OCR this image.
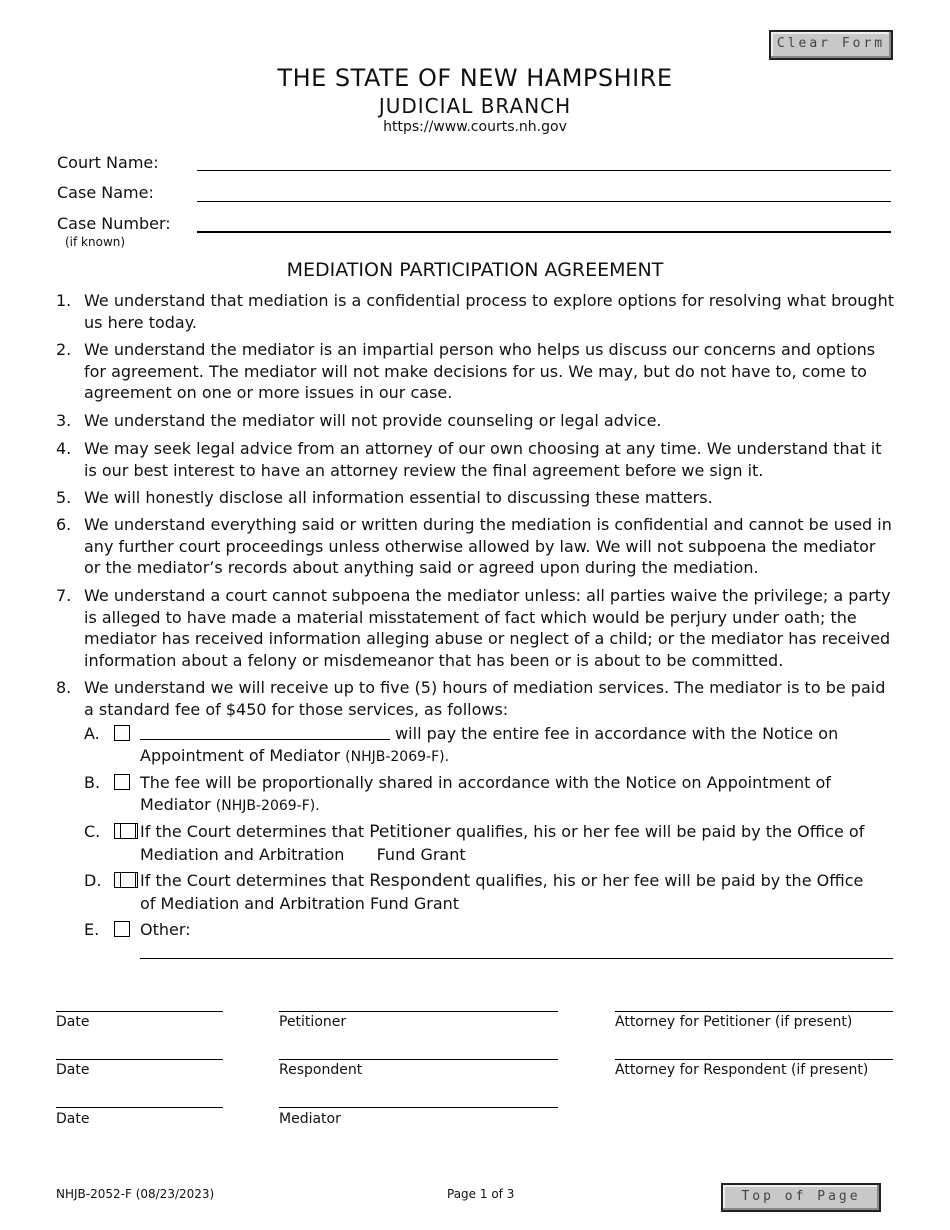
Clear Form
THE STATE OF NEW HAMPSHIRE
JUDICIAL BRANCH
https://www.courts.nh.gov
Court Name:
Case Name:
Case Number:
(if known)
MEDIATION PARTICIPATION AGREEMENT
1. We understand that mediation is a confidential process to explore options for resolving what brought us here today.
2. We understand the mediator is an impartial person who helps us discuss our concerns and options for agreement. The mediator will not make decisions for us. We may, but do not have to, come to agreement on one or more issues in our case.
3. We understand the mediator will not provide counseling or legal advice.
4. We may seek legal advice from an attorney of our own choosing at any time. We understand that it is our best interest to have an attorney review the final agreement before we sign it.
5. We will honestly disclose all information essential to discussing these matters.
6. We understand everything said or written during the mediation is confidential and cannot be used in any further court proceedings unless otherwise allowed by law. We will not subpoena the mediator or the mediator’s records about anything said or agreed upon during the mediation.
7. We understand a court cannot subpoena the mediator unless: all parties waive the privilege; a party is alleged to have made a material misstatement of fact which would be perjury under oath; the mediator has received information alleging abuse or neglect of a child; or the mediator has received information about a felony or misdemeanor that has been or is about to be committed.
8. We understand we will receive up to five (5) hours of mediation services. The mediator is to be paid a standard fee of $450 for those services, as follows:
A.	will pay the entire fee in accordance with the Notice on
Appointment of Mediator (NHJB-2069-F).
B. The fee will be proportionally shared in accordance with the Notice on Appointment of
Mediator (NHJB-2069-F).
C. If the Court determines that Petitioner qualifies, his or her fee will be paid by the Office of
Mediation and Arbitration Fund Grant
D. If the Court determines that Respondent qualifies, his or her fee will be paid by the Office
of Mediation and Arbitration Fund Grant
E.	Other:
Date	Petitioner	Attorney for Petitioner (if present)
Date	Respondent	Attorney for Respondent (if present)
Date	Mediator
NHJB-2052-F (08/23/2023)	Page 1 of 3	Top of Page
